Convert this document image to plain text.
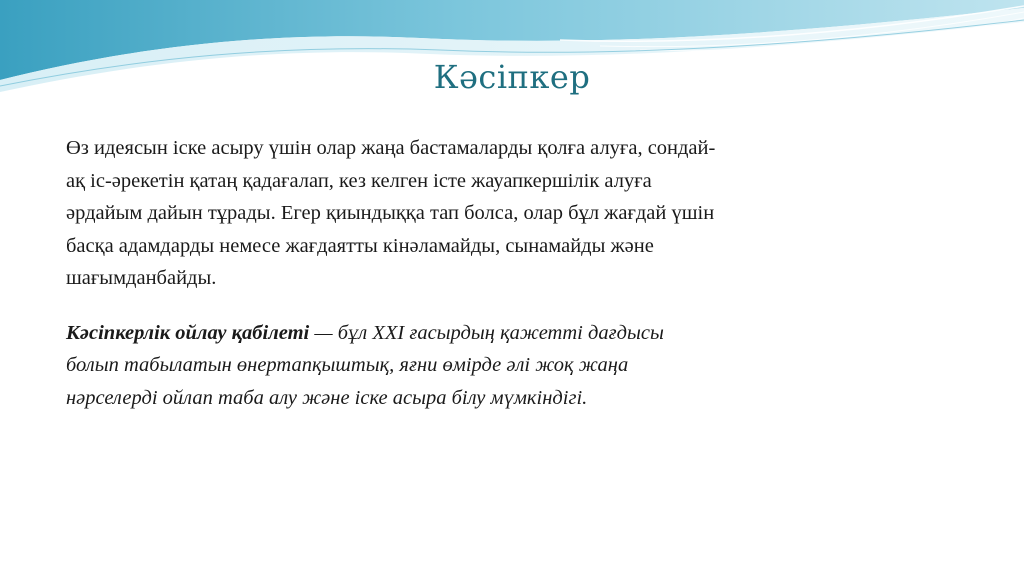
Кәсіпкер

Өз идеясын іске асыру үшін олар жаңа бастамаларды қолға алуға, сондай-
ақ іс-әрекетін қатаң қадағалап, кез келген істе жауапкершілік алуға
әрдайым дайын тұрады. Егер қиындыққа тап болса, олар бұл жағдай үшін
басқа адамдарды немесе жағдаятты кінәламайды, сынамайды және
шағымданбайды.

Кәсіпкерлік ойлау қабілеті — бұл XXI ғасырдың қажетті дағдысы
болып табылатын өнертапқыштық, яғни өмірде әлі жоқ жаңа
нәрселерді ойлап таба алу және іске асыра білу мүмкіндігі.
